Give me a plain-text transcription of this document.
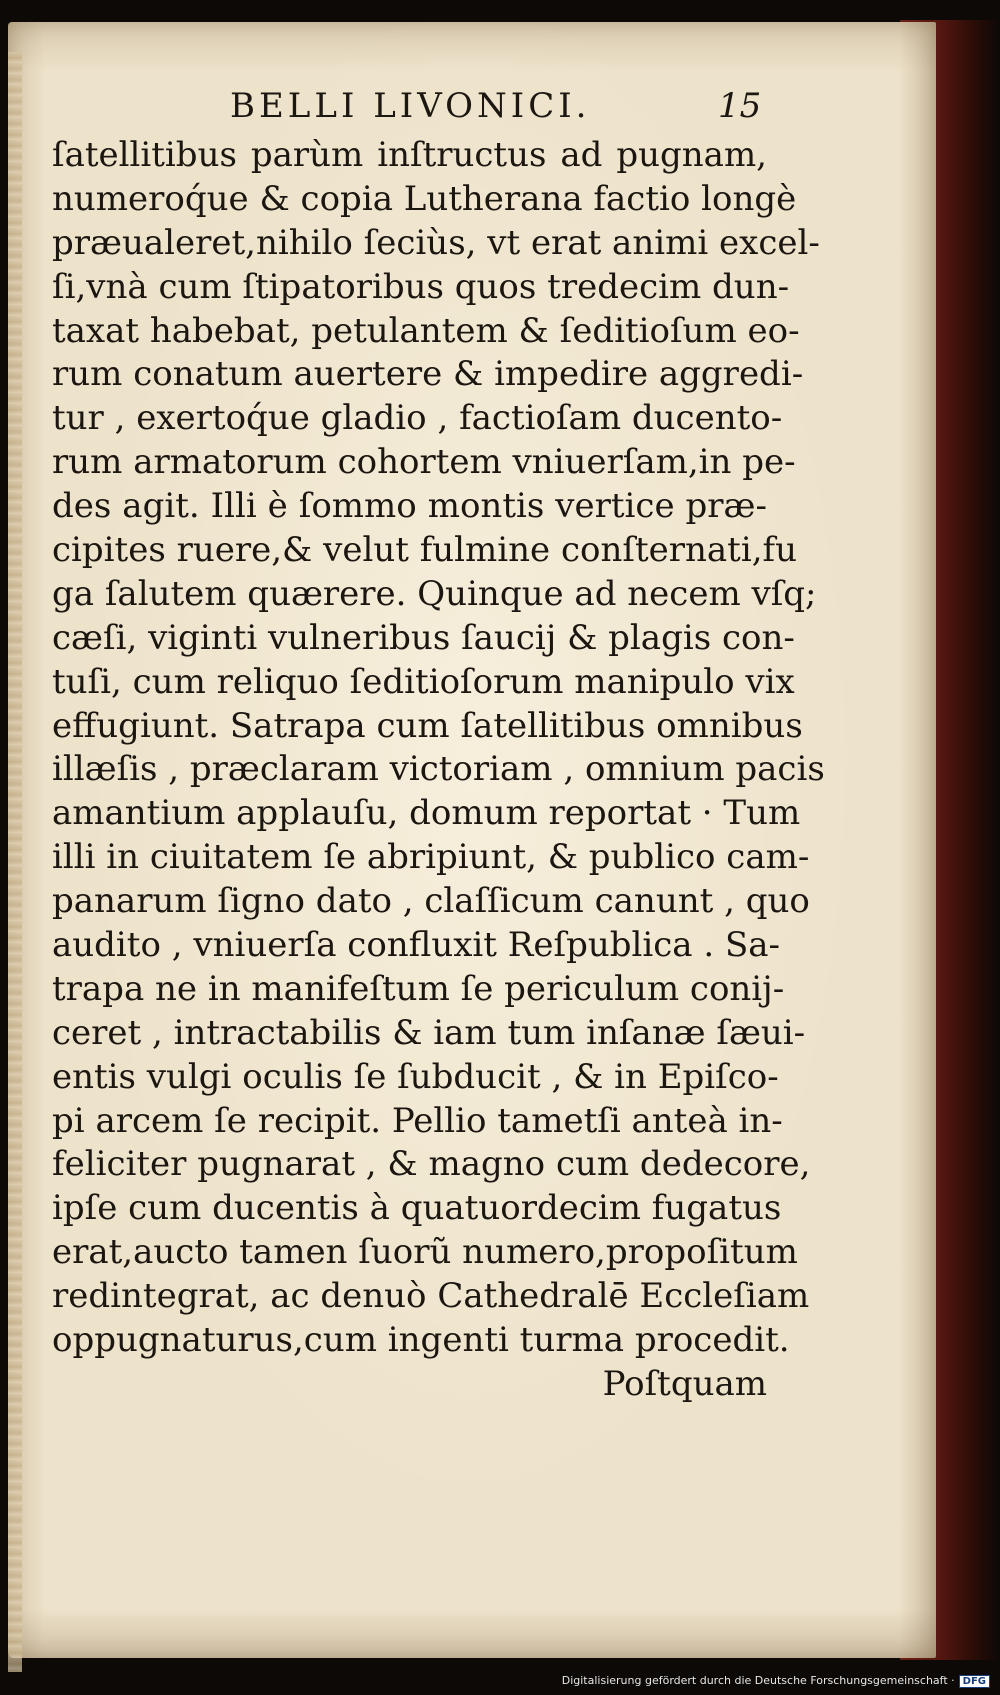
BELLI LIVONICI.	15
ſatellitibus parùm inſtructus ad pugnam,
numeroq́ue & copia Lutherana factio longè
præualeret,nihilo ſeciùs, vt erat animi excel-
ſi,vnà cum ſtipatoribus quos tredecim dun-
taxat habebat, petulantem & ſeditioſum eo-
rum conatum auertere & impedire aggredi-
tur , exertoq́ue gladio , factioſam ducento-
rum armatorum cohortem vniuerſam,in pe-
des agit. Illi è ſommo montis vertice præ-
cipites ruere,& velut fulmine conſternati,fu
ga ſalutem quærere. Quinque ad necem vſq;
cæſi, viginti vulneribus ſaucij & plagis con-
tuſi, cum reliquo ſeditioſorum manipulo vix
effugiunt. Satrapa cum ſatellitibus omnibus
illæſis , præclaram victoriam , omnium pacis
amantium applauſu, domum reportat · Tum
illi in ciuitatem ſe abripiunt, & publico cam-
panarum ſigno dato , claſſicum canunt , quo
audito , vniuerſa confluxit Reſpublica . Sa-
trapa ne in manifeſtum ſe periculum conij-
ceret , intractabilis & iam tum inſanæ ſæui-
entis vulgi oculis ſe ſubducit , & in Epiſco-
pi arcem ſe recipit. Pellio tametſi anteà in-
feliciter pugnarat , & magno cum dedecore,
ipſe cum ducentis à quatuordecim fugatus
erat,aucto tamen ſuorũ numero,propoſitum
redintegrat, ac denuò Cathedralē Eccleſiam
oppugnaturus,cum ingenti turma procedit.
Poſtquam
Digitalisierung gefördert durch die Deutsche Forschungsgemeinschaft · DFG
